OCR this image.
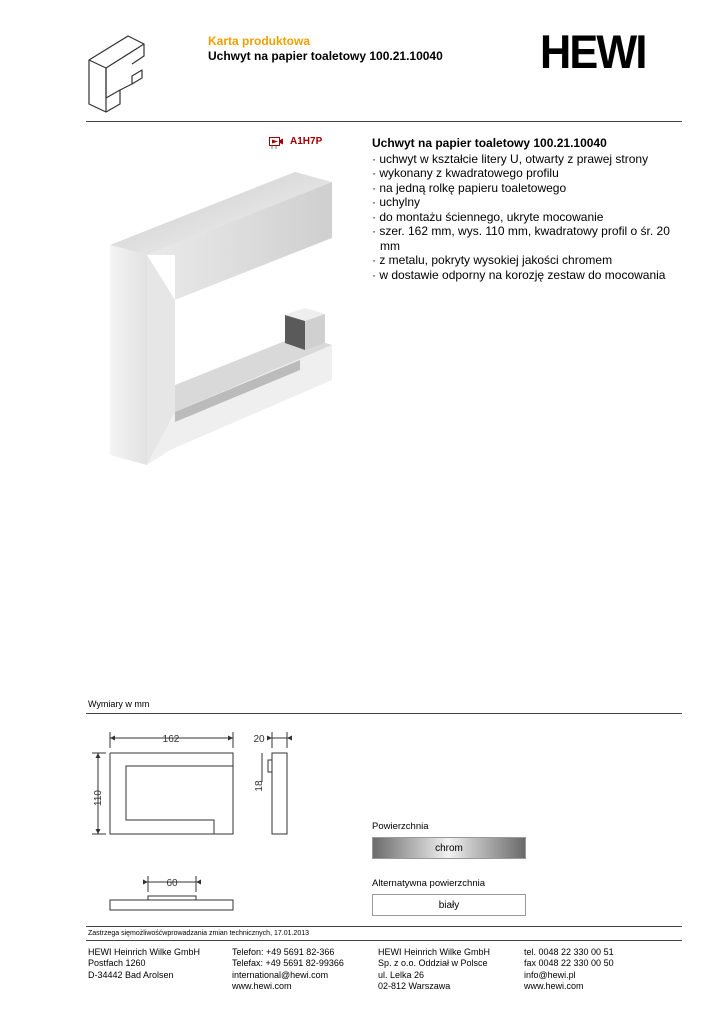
Karta produktowa
Uchwyt na papier toaletowy 100.21.10040 HEWI
A1H7P	Uchwyt na papier toaletowy 100.21.10040
· uchwyt w kształcie litery U, otwarty z prawej strony
· wykonany z kwadratowego profilu
· na jedną rolkę papieru toaletowego
· uchylny
· do montażu ściennego, ukryte mocowanie
· szer. 162 mm, wys. 110 mm, kwadratowy profil o śr. 20 mm
· z metalu, pokryty wysokiej jakości chromem
· w dostawie odporny na korozję zestaw do mocowania
Wymiary w mm
162
110
20
18
60
Powierzchnia
chrom
Alternatywna powierzchnia
biały
Zastrzega sięmożliwośćwprowadzania zmian technicznych, 17.01.2013
HEWI Heinrich Wilke GmbH
Postfach 1260
D-34442 Bad Arolsen
Telefon: +49 5691 82-366
Telefax: +49 5691 82-99366
international@hewi.com
www.hewi.com
HEWI Heinrich Wilke GmbH
Sp. z o.o. Oddział w Polsce
ul. Lelka 26
02-812 Warszawa
tel. 0048 22 330 00 51
fax 0048 22 330 00 50
info@hewi.pl
www.hewi.com
